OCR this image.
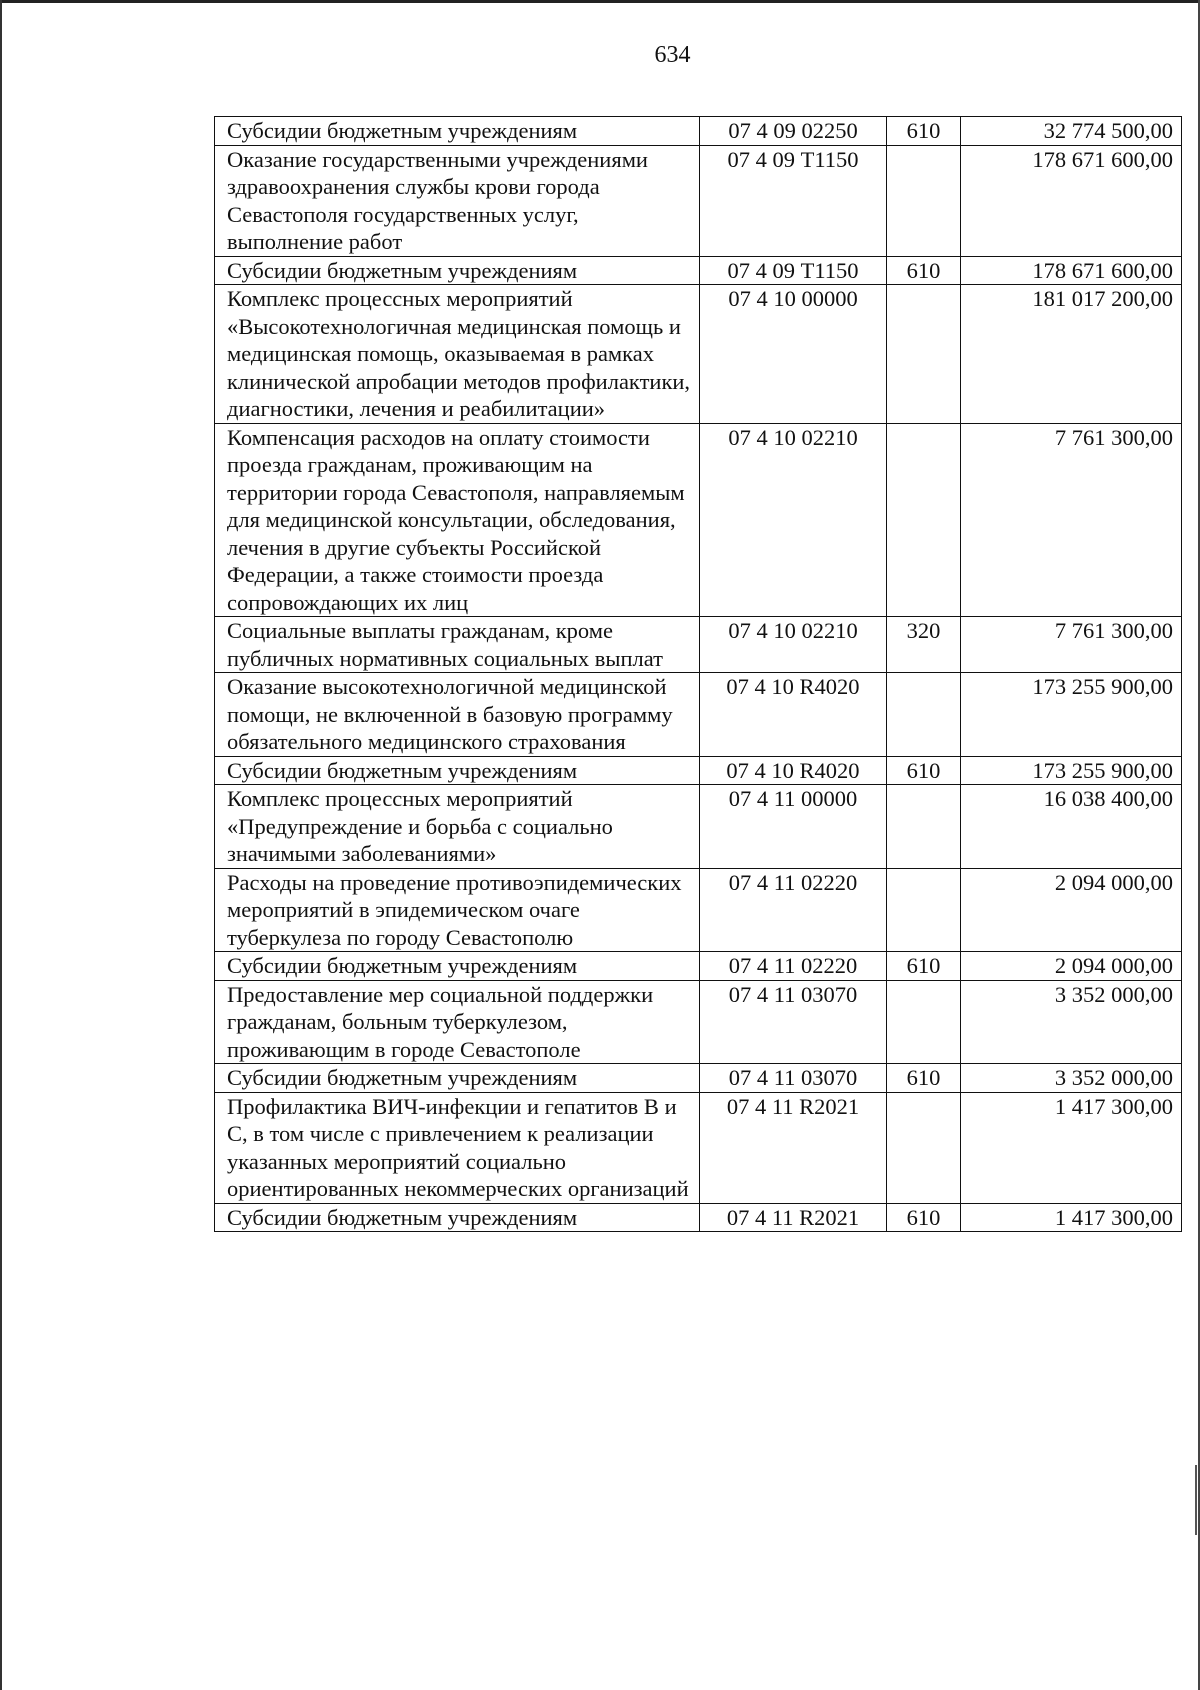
634
Субсидии бюджетным учреждениям	07 4 09 02250	610	32 774 500,00
Оказание государственными учреждениями здравоохранения службы крови города Севастополя государственных услуг, выполнение работ	07 4 09 Т1150		178 671 600,00
Субсидии бюджетным учреждениям	07 4 09 Т1150	610	178 671 600,00
Комплекс процессных мероприятий «Высокотехнологичная медицинская помощь и медицинская помощь, оказываемая в рамках клинической апробации методов профилактики, диагностики, лечения и реабилитации»	07 4 10 00000		181 017 200,00
Компенсация расходов на оплату стоимости проезда гражданам, проживающим на территории города Севастополя, направляемым для медицинской консультации, обследования, лечения в другие субъекты Российской Федерации, а также стоимости проезда сопровождающих их лиц	07 4 10 02210		7 761 300,00
Социальные выплаты гражданам, кроме публичных нормативных социальных выплат	07 4 10 02210	320	7 761 300,00
Оказание высокотехнологичной медицинской помощи, не включенной в базовую программу обязательного медицинского страхования	07 4 10 R4020		173 255 900,00
Субсидии бюджетным учреждениям	07 4 10 R4020	610	173 255 900,00
Комплекс процессных мероприятий «Предупреждение и борьба с социально значимыми заболеваниями»	07 4 11 00000		16 038 400,00
Расходы на проведение противоэпидемических мероприятий в эпидемическом очаге туберкулеза по городу Севастополю	07 4 11 02220		2 094 000,00
Субсидии бюджетным учреждениям	07 4 11 02220	610	2 094 000,00
Предоставление мер социальной поддержки гражданам, больным туберкулезом, проживающим в городе Севастополе	07 4 11 03070		3 352 000,00
Субсидии бюджетным учреждениям	07 4 11 03070	610	3 352 000,00
Профилактика ВИЧ-инфекции и гепатитов В и С, в том числе с привлечением к реализации указанных мероприятий социально ориентированных некоммерческих организаций	07 4 11 R2021		1 417 300,00
Субсидии бюджетным учреждениям	07 4 11 R2021	610	1 417 300,00
